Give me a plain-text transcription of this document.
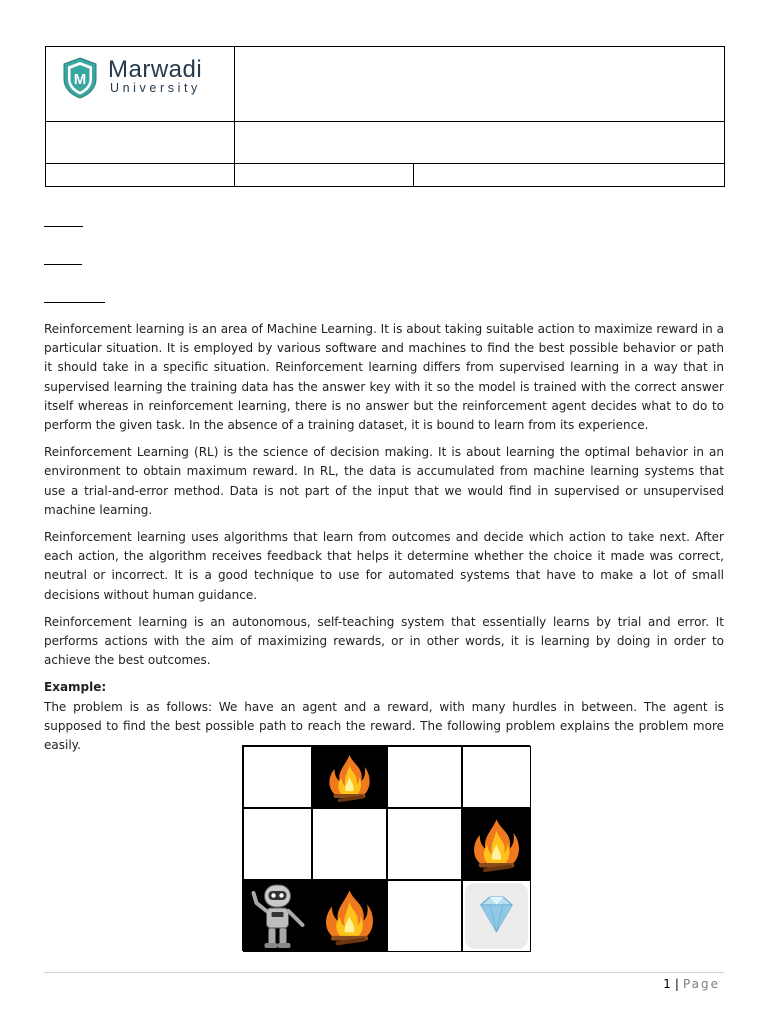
M Marwadi
University		

Reinforcement learning is an area of Machine Learning. It is about taking suitable action to maximize reward in a particular situation. It is employed by various software and machines to find the best possible behavior or path it should take in a specific situation. Reinforcement learning differs from supervised learning in a way that in supervised learning the training data has the answer key with it so the model is trained with the correct answer itself whereas in reinforcement learning, there is no answer but the reinforcement agent decides what to do to perform the given task. In the absence of a training dataset, it is bound to learn from its experience.

Reinforcement Learning (RL) is the science of decision making. It is about learning the optimal behavior in an environment to obtain maximum reward. In RL, the data is accumulated from machine learning systems that use a trial-and-error method. Data is not part of the input that we would find in supervised or unsupervised machine learning.

Reinforcement learning uses algorithms that learn from outcomes and decide which action to take next. After each action, the algorithm receives feedback that helps it determine whether the choice it made was correct, neutral or incorrect. It is a good technique to use for automated systems that have to make a lot of small decisions without human guidance.

Reinforcement learning is an autonomous, self-teaching system that essentially learns by trial and error. It performs actions with the aim of maximizing rewards, or in other words, it is learning by doing in order to achieve the best outcomes.

Example:
The problem is as follows: We have an agent and a reward, with many hurdles in between. The agent is supposed to find the best possible path to reach the reward. The following problem explains the problem more easily.

1 | Page
